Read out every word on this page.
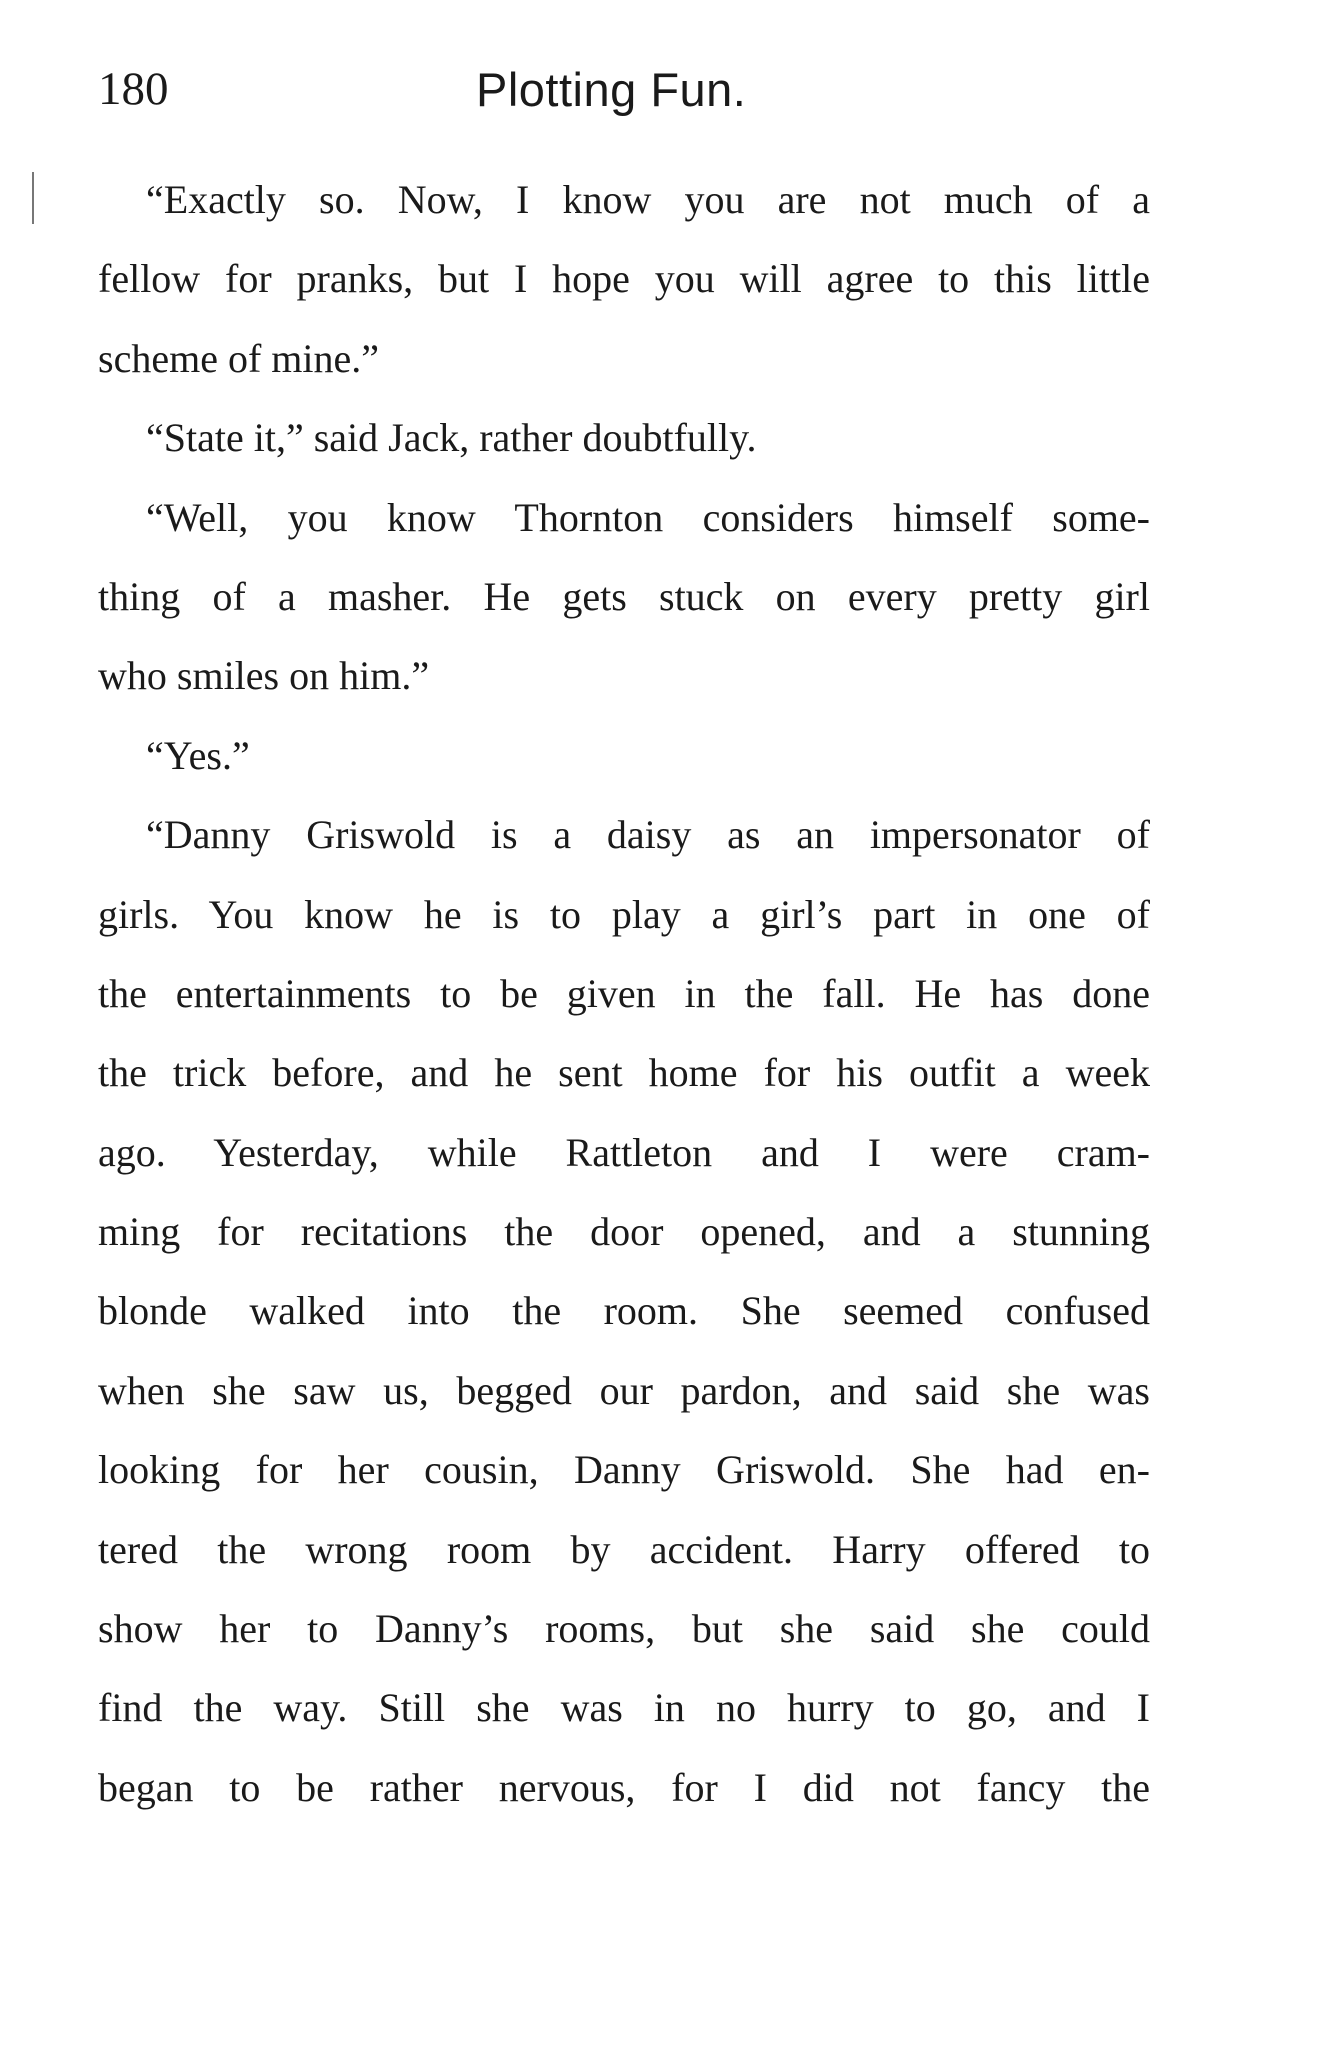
180	Plotting Fun.
“Exactly so. Now, I know you are not much of a
fellow for pranks, but I hope you will agree to this little
scheme of mine.”
“State it,” said Jack, rather doubtfully.
“Well, you know Thornton considers himself some-
thing of a masher. He gets stuck on every pretty girl
who smiles on him.”
“Yes.”
“Danny Griswold is a daisy as an impersonator of
girls. You know he is to play a girl’s part in one of
the entertainments to be given in the fall. He has done
the trick before, and he sent home for his outfit a week
ago. Yesterday, while Rattleton and I were cram-
ming for recitations the door opened, and a stunning
blonde walked into the room. She seemed confused
when she saw us, begged our pardon, and said she was
looking for her cousin, Danny Griswold. She had en-
tered the wrong room by accident. Harry offered to
show her to Danny’s rooms, but she said she could
find the way. Still she was in no hurry to go, and I
began to be rather nervous, for I did not fancy the
